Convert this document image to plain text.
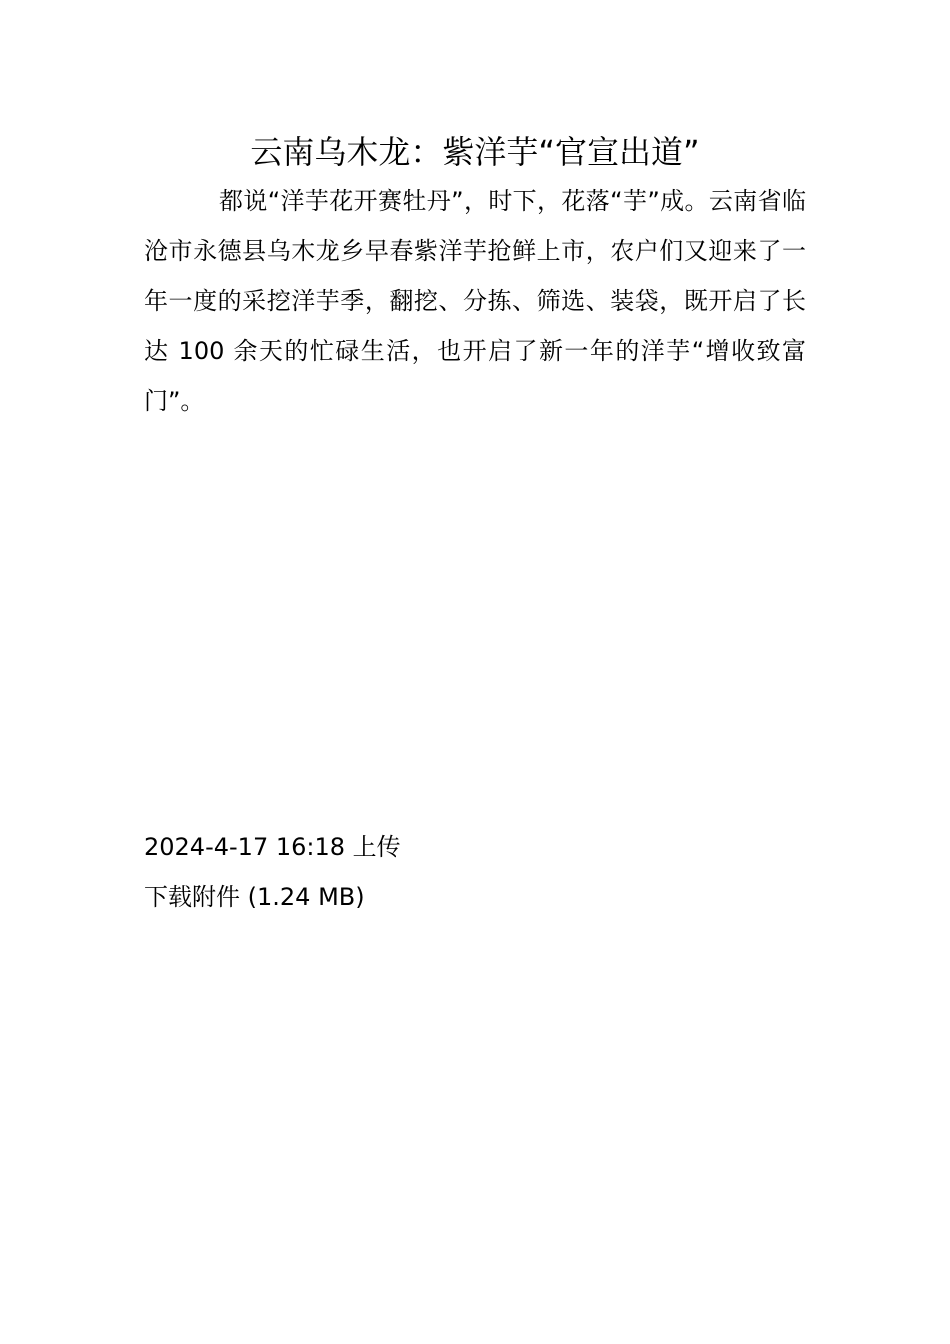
云南乌木龙：紫洋芋“官宣出道”

都说“洋芋花开赛牡丹”，时下，花落“芋”成。云南省临沧市永德县乌木龙乡早春紫洋芋抢鲜上市，农户们又迎来了一年一度的采挖洋芋季，翻挖、分拣、筛选、装袋，既开启了长达 100 余天的忙碌生活，也开启了新一年的洋芋“增收致富门”。

2024-4-17 16:18 上传
下载附件 (1.24 MB)
